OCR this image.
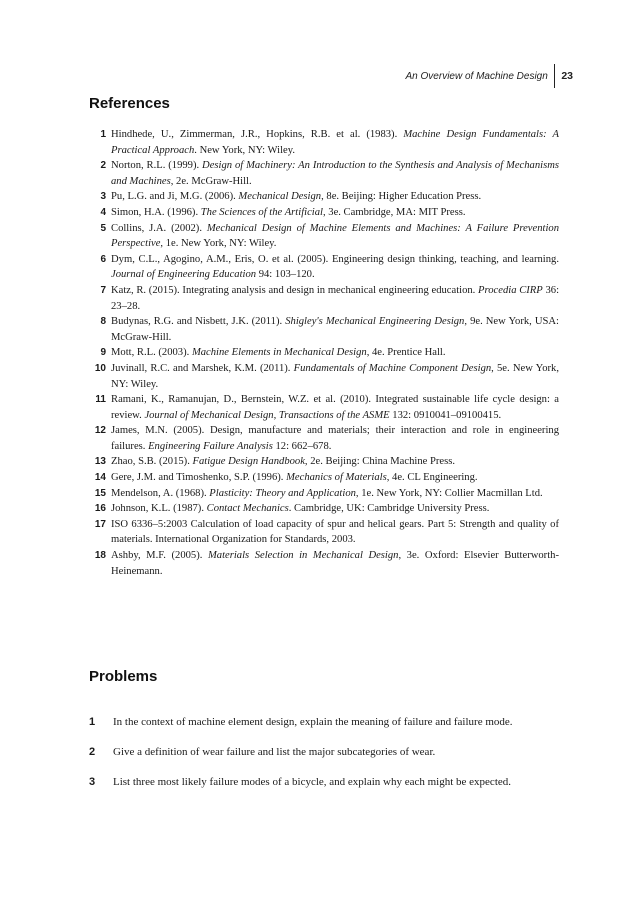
An Overview of Machine Design	23
References
1 Hindhede, U., Zimmerman, J.R., Hopkins, R.B. et al. (1983). Machine Design Fundamentals: A Practical Approach. New York, NY: Wiley.
2 Norton, R.L. (1999). Design of Machinery: An Introduction to the Synthesis and Analysis of Mechanisms and Machines, 2e. McGraw-Hill.
3 Pu, L.G. and Ji, M.G. (2006). Mechanical Design, 8e. Beijing: Higher Education Press.
4 Simon, H.A. (1996). The Sciences of the Artificial, 3e. Cambridge, MA: MIT Press.
5 Collins, J.A. (2002). Mechanical Design of Machine Elements and Machines: A Failure Prevention Perspective, 1e. New York, NY: Wiley.
6 Dym, C.L., Agogino, A.M., Eris, O. et al. (2005). Engineering design thinking, teaching, and learning. Journal of Engineering Education 94: 103–120.
7 Katz, R. (2015). Integrating analysis and design in mechanical engineering education. Procedia CIRP 36: 23–28.
8 Budynas, R.G. and Nisbett, J.K. (2011). Shigley's Mechanical Engineering Design, 9e. New York, USA: McGraw-Hill.
9 Mott, R.L. (2003). Machine Elements in Mechanical Design, 4e. Prentice Hall.
10 Juvinall, R.C. and Marshek, K.M. (2011). Fundamentals of Machine Component Design, 5e. New York, NY: Wiley.
11 Ramani, K., Ramanujan, D., Bernstein, W.Z. et al. (2010). Integrated sustainable life cycle design: a review. Journal of Mechanical Design, Transactions of the ASME 132: 0910041–09100415.
12 James, M.N. (2005). Design, manufacture and materials; their interaction and role in engineering failures. Engineering Failure Analysis 12: 662–678.
13 Zhao, S.B. (2015). Fatigue Design Handbook, 2e. Beijing: China Machine Press.
14 Gere, J.M. and Timoshenko, S.P. (1996). Mechanics of Materials, 4e. CL Engineering.
15 Mendelson, A. (1968). Plasticity: Theory and Application, 1e. New York, NY: Collier Macmillan Ltd.
16 Johnson, K.L. (1987). Contact Mechanics. Cambridge, UK: Cambridge University Press.
17 ISO 6336–5:2003 Calculation of load capacity of spur and helical gears. Part 5: Strength and quality of materials. International Organization for Standards, 2003.
18 Ashby, M.F. (2005). Materials Selection in Mechanical Design, 3e. Oxford: Elsevier Butterworth-Heinemann.
Problems
1	In the context of machine element design, explain the meaning of failure and failure mode.
2	Give a definition of wear failure and list the major subcategories of wear.
3	List three most likely failure modes of a bicycle, and explain why each might be expected.
